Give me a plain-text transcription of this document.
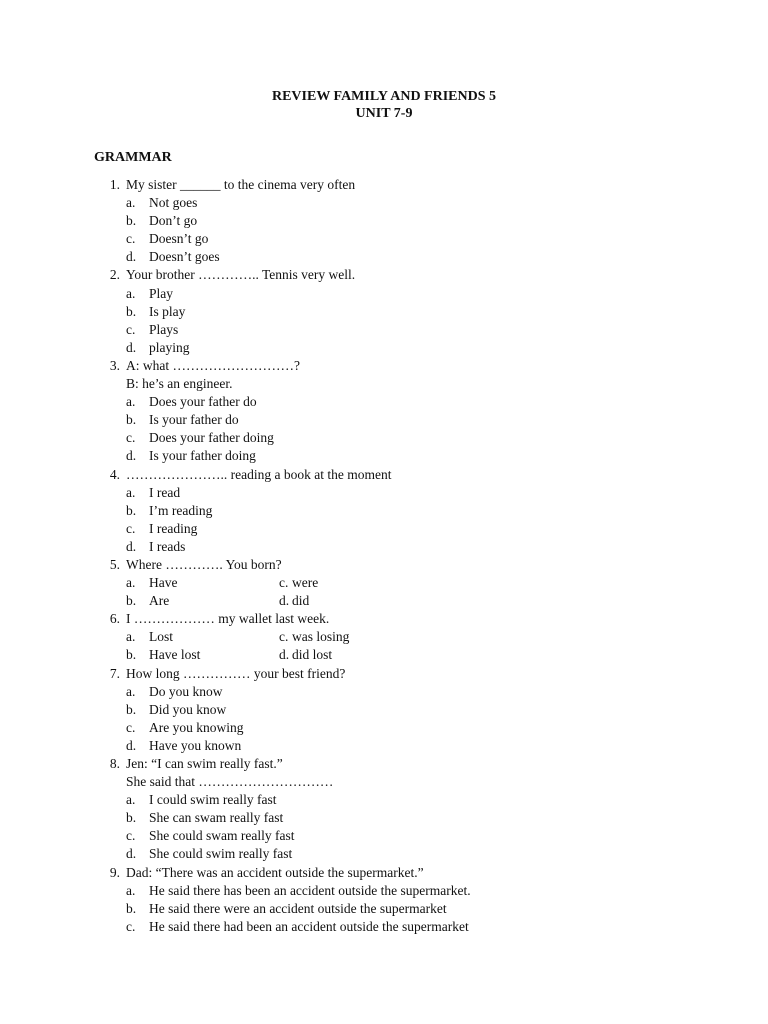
REVIEW FAMILY AND FRIENDS 5
UNIT 7-9
GRAMMAR
1. My sister ______ to the cinema very often
a. Not goes
b. Don’t go
c. Doesn’t go
d. Doesn’t goes
2. Your brother ………….. Tennis very well.
a. Play
b. Is play
c. Plays
d. playing
3. A: what ………………………?
B: he’s an engineer.
a. Does your father do
b. Is your father do
c. Does your father doing
d. Is your father doing
4. ………………….. reading a book at the moment
a. I read
b. I’m reading
c. I reading
d. I reads
5. Where …………. You born?
a. Have	c. were
b. Are	d. did
6. I ……………… my wallet last week.
a. Lost	c. was losing
b. Have lost	d. did lost
7. How long …………… your best friend?
a. Do you know
b. Did you know
c. Are you knowing
d. Have you known
8. Jen: “I can swim really fast.”
She said that …………………………
a. I could swim really fast
b. She can swam really fast
c. She could swam really fast
d. She could swim really fast
9. Dad: “There was an accident outside the supermarket.”
a. He said there has been an accident outside the supermarket.
b. He said there were an accident outside the supermarket
c. He said there had been an accident outside the supermarket
